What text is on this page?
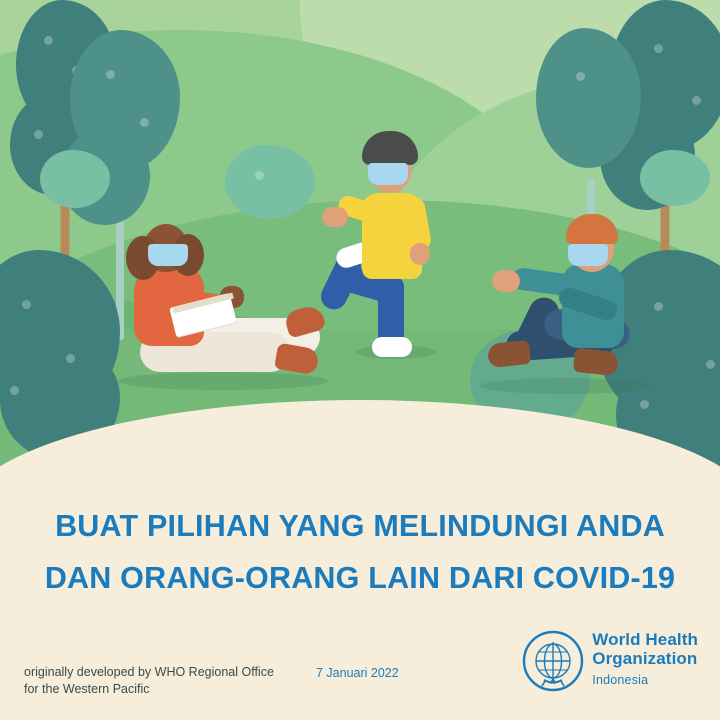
BUAT PILIHAN YANG MELINDUNGI ANDA
DAN ORANG-ORANG LAIN DARI COVID-19
originally developed by WHO Regional Office
for the Western Pacific
7 Januari 2022
World Health
Organization
Indonesia
